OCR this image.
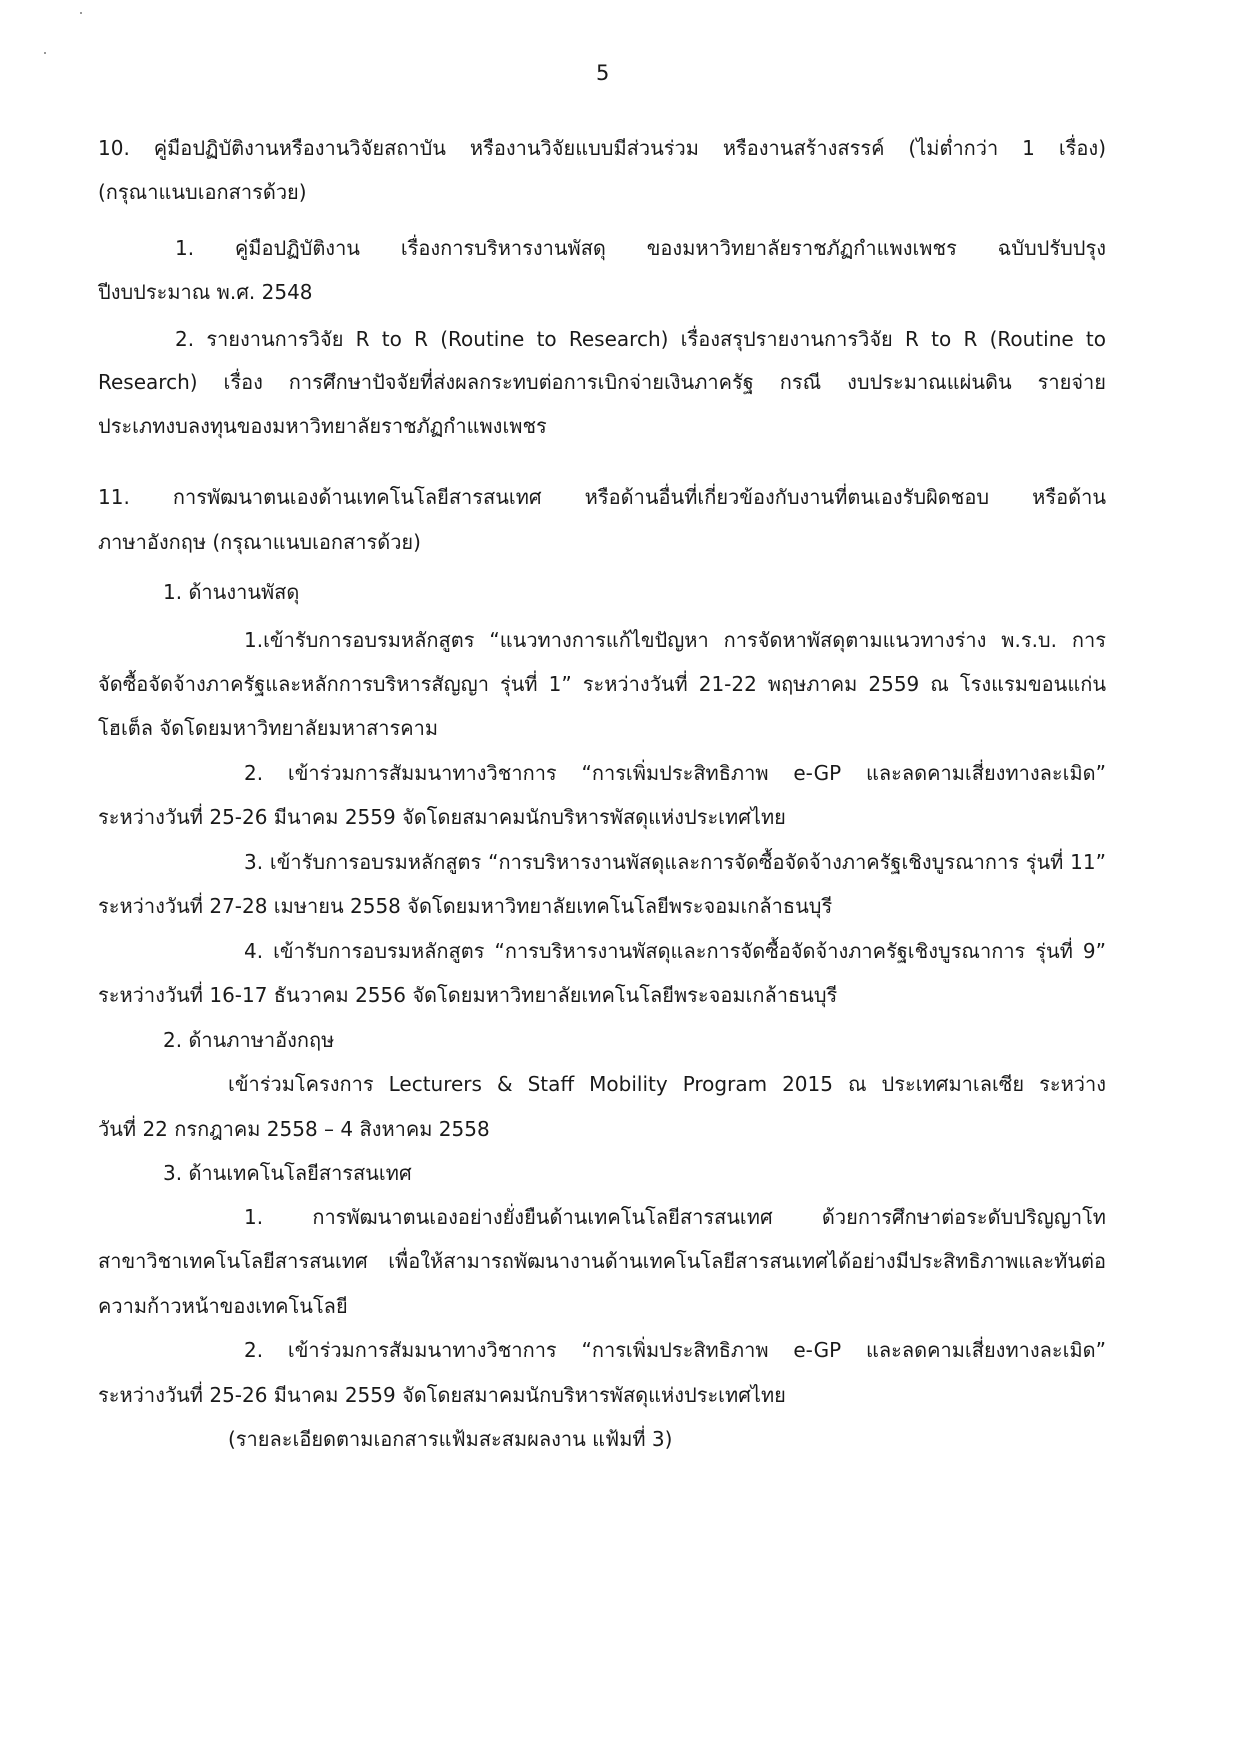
5

10. คู่มือปฏิบัติงานหรืองานวิจัยสถาบัน หรืองานวิจัยแบบมีส่วนร่วม หรืองานสร้างสรรค์ (ไม่ต่ำกว่า 1 เรื่อง)

(กรุณาแนบเอกสารด้วย)

1. คู่มือปฏิบัติงาน เรื่องการบริหารงานพัสดุ ของมหาวิทยาลัยราชภัฏกำแพงเพชร ฉบับปรับปรุง

ปีงบประมาณ พ.ศ. 2548

2. รายงานการวิจัย R to R (Routine to Research) เรื่องสรุปรายงานการวิจัย R to R (Routine to

Research) เรื่อง การศึกษาปัจจัยที่ส่งผลกระทบต่อการเบิกจ่ายเงินภาครัฐ กรณี งบประมาณแผ่นดิน รายจ่าย

ประเภทงบลงทุนของมหาวิทยาลัยราชภัฏกำแพงเพชร

11. การพัฒนาตนเองด้านเทคโนโลยีสารสนเทศ หรือด้านอื่นที่เกี่ยวข้องกับงานที่ตนเองรับผิดชอบ หรือด้าน

ภาษาอังกฤษ (กรุณาแนบเอกสารด้วย)

1. ด้านงานพัสดุ

1.เข้ารับการอบรมหลักสูตร “แนวทางการแก้ไขปัญหา การจัดหาพัสดุตามแนวทางร่าง พ.ร.บ. การ

จัดซื้อจัดจ้างภาครัฐและหลักการบริหารสัญญา รุ่นที่ 1” ระหว่างวันที่ 21-22 พฤษภาคม 2559 ณ โรงแรมขอนแก่น

โฮเต็ล จัดโดยมหาวิทยาลัยมหาสารคาม

2. เข้าร่วมการสัมมนาทางวิชาการ “การเพิ่มประสิทธิภาพ e-GP และลดคามเสี่ยงทางละเมิด”

ระหว่างวันที่ 25-26 มีนาคม 2559 จัดโดยสมาคมนักบริหารพัสดุแห่งประเทศไทย

3. เข้ารับการอบรมหลักสูตร “การบริหารงานพัสดุและการจัดซื้อจัดจ้างภาครัฐเชิงบูรณาการ รุ่นที่ 11”

ระหว่างวันที่ 27-28 เมษายน 2558 จัดโดยมหาวิทยาลัยเทคโนโลยีพระจอมเกล้าธนบุรี

4. เข้ารับการอบรมหลักสูตร “การบริหารงานพัสดุและการจัดซื้อจัดจ้างภาครัฐเชิงบูรณาการ รุ่นที่ 9”

ระหว่างวันที่ 16-17 ธันวาคม 2556 จัดโดยมหาวิทยาลัยเทคโนโลยีพระจอมเกล้าธนบุรี

2. ด้านภาษาอังกฤษ

เข้าร่วมโครงการ Lecturers & Staff Mobility Program 2015 ณ ประเทศมาเลเซีย ระหว่าง

วันที่ 22 กรกฎาคม 2558 – 4 สิงหาคม 2558

3. ด้านเทคโนโลยีสารสนเทศ

1. การพัฒนาตนเองอย่างยั่งยืนด้านเทคโนโลยีสารสนเทศ ด้วยการศึกษาต่อระดับปริญญาโท

สาขาวิชาเทคโนโลยีสารสนเทศ เพื่อให้สามารถพัฒนางานด้านเทคโนโลยีสารสนเทศได้อย่างมีประสิทธิภาพและทันต่อ

ความก้าวหน้าของเทคโนโลยี

2. เข้าร่วมการสัมมนาทางวิชาการ “การเพิ่มประสิทธิภาพ e-GP และลดคามเสี่ยงทางละเมิด”

ระหว่างวันที่ 25-26 มีนาคม 2559 จัดโดยสมาคมนักบริหารพัสดุแห่งประเทศไทย

(รายละเอียดตามเอกสารแฟ้มสะสมผลงาน แฟ้มที่ 3)
